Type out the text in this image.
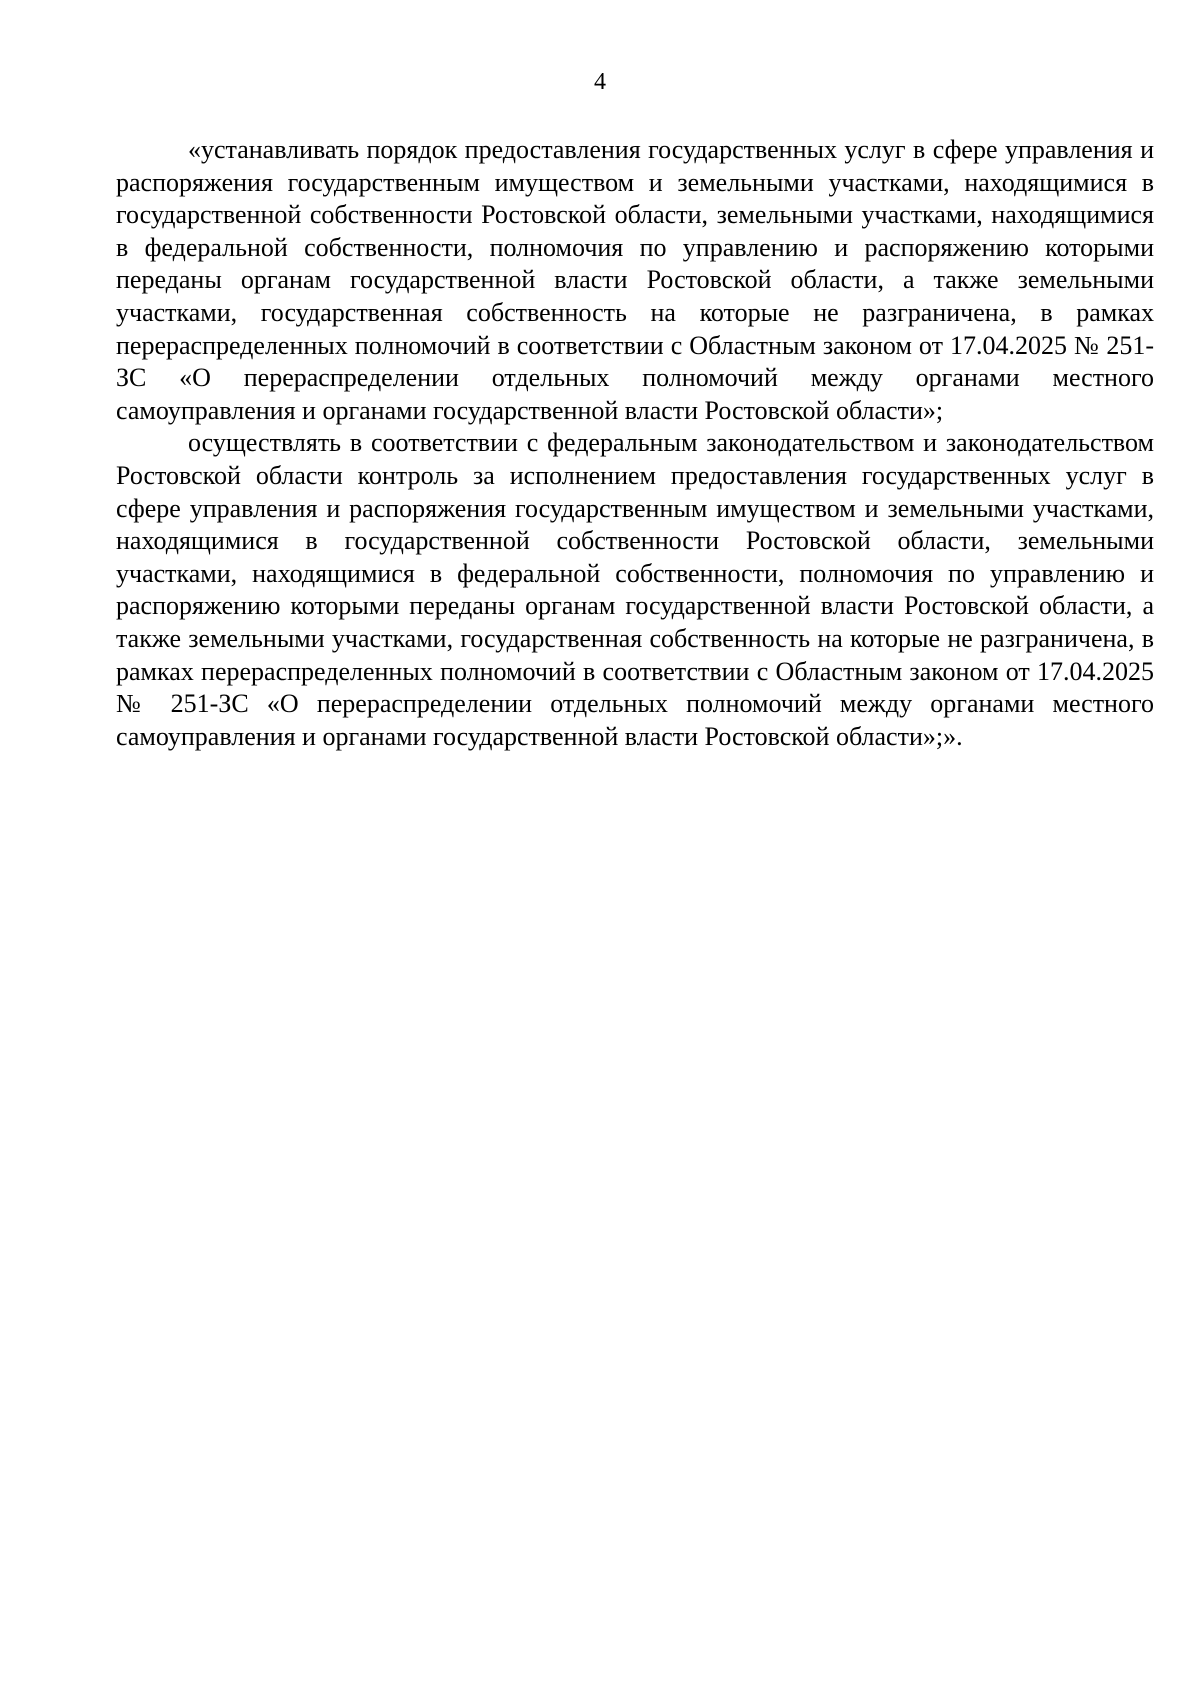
4

«устанавливать порядок предоставления государственных услуг в сфере управления и распоряжения государственным имуществом и земельными участками, находящимися в государственной собственности Ростовской области, земельными участками, находящимися в федеральной собственности, полномочия по управлению и распоряжению которыми переданы органам государственной власти Ростовской области, а также земельными участками, государственная собственность на которые не разграничена, в рамках перераспределенных полномочий в соответствии с Областным законом от 17.04.2025 № 251-ЗС «О перераспределении отдельных полномочий между органами местного самоуправления и органами государственной власти Ростовской области»;

осуществлять в соответствии с федеральным законодательством и законодательством Ростовской области контроль за исполнением предоставления государственных услуг в сфере управления и распоряжения государственным имуществом и земельными участками, находящимися в государственной собственности Ростовской области, земельными участками, находящимися в федеральной собственности, полномочия по управлению и распоряжению которыми переданы органам государственной власти Ростовской области, а также земельными участками, государственная собственность на которые не разграничена, в рамках перераспределенных полномочий в соответствии с Областным законом от 17.04.2025 № 251-ЗС «О перераспределении отдельных полномочий между органами местного самоуправления и органами государственной власти Ростовской области»;».
